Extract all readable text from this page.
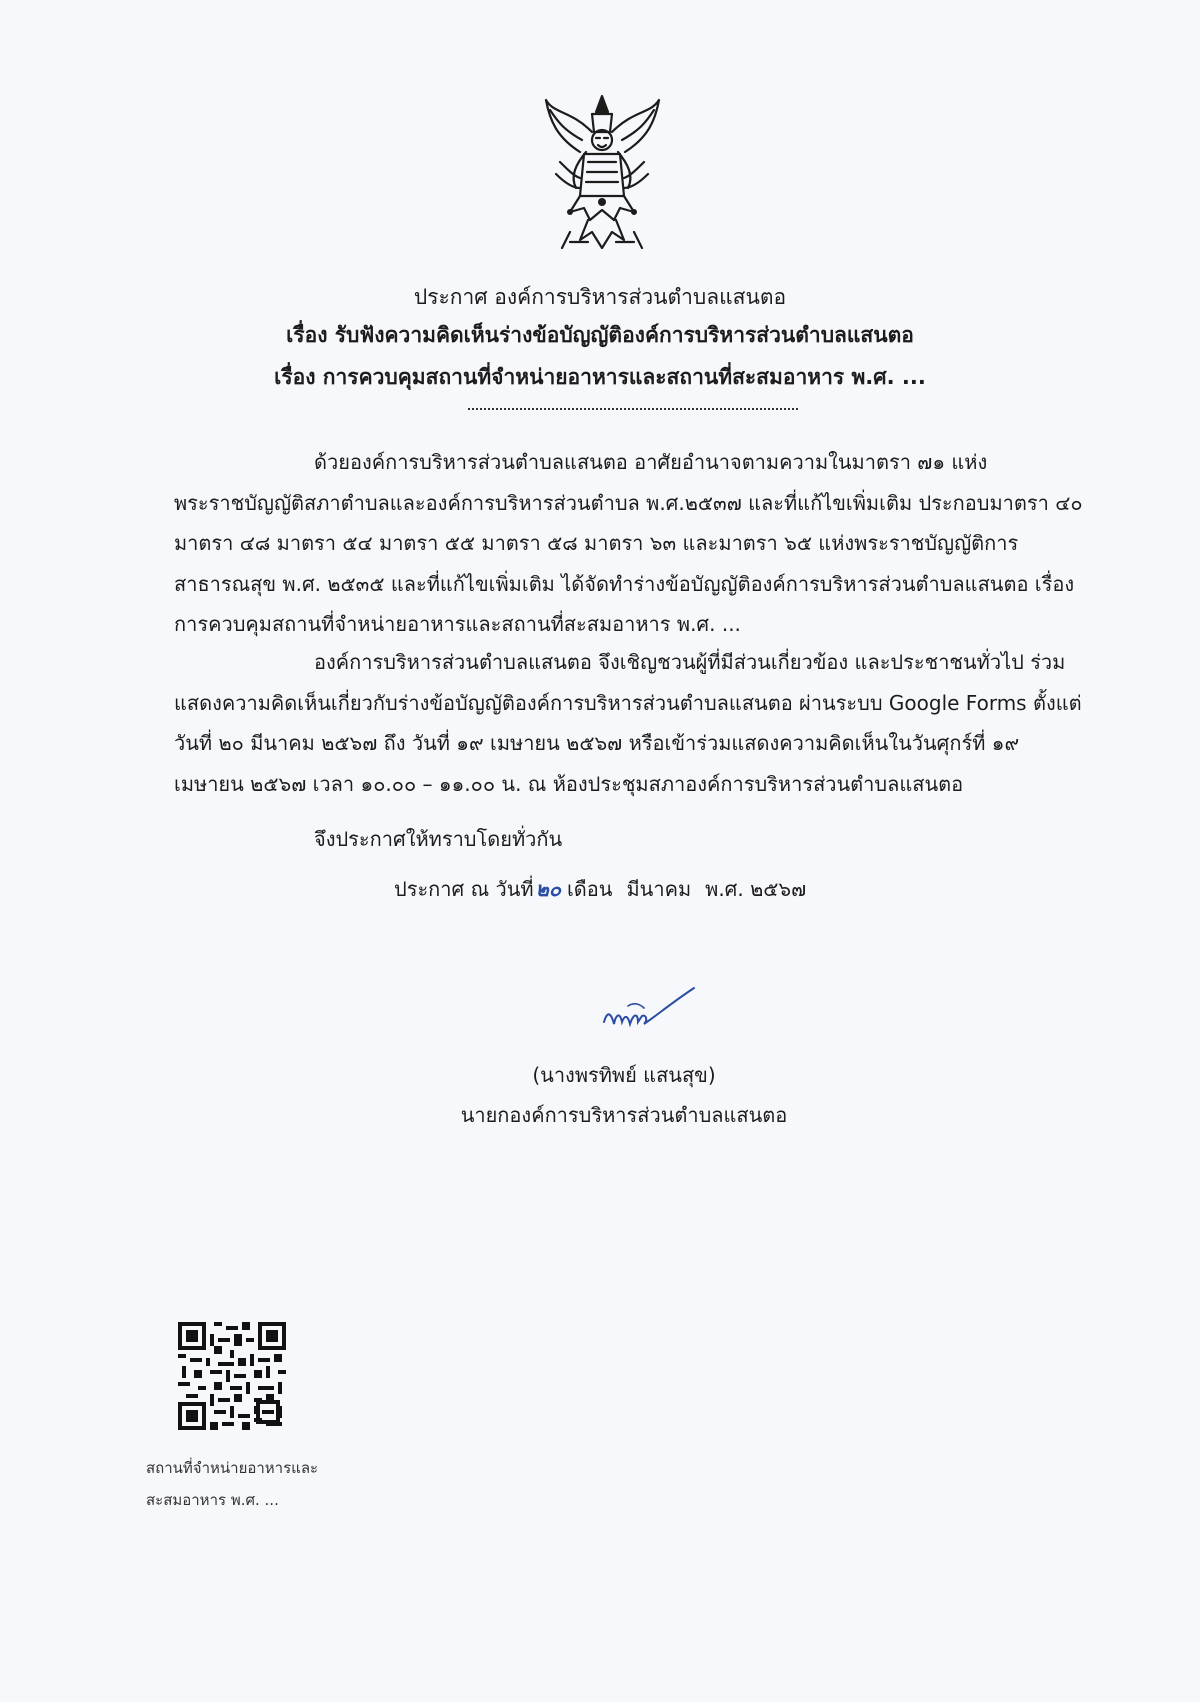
ประกาศ องค์การบริหารส่วนตำบลแสนตอ
เรื่อง รับฟังความคิดเห็นร่างข้อบัญญัติองค์การบริหารส่วนตำบลแสนตอ
เรื่อง การควบคุมสถานที่จำหน่ายอาหารและสถานที่สะสมอาหาร พ.ศ. ...
ด้วยองค์การบริหารส่วนตำบลแสนตอ อาศัยอำนาจตามความในมาตรา ๗๑ แห่ง
พระราชบัญญัติสภาตำบลและองค์การบริหารส่วนตำบล พ.ศ.๒๕๓๗ และที่แก้ไขเพิ่มเติม ประกอบมาตรา ๔๐
มาตรา ๔๘ มาตรา ๕๔ มาตรา ๕๕ มาตรา ๕๘ มาตรา ๖๓ และมาตรา ๖๕ แห่งพระราชบัญญัติการ
สาธารณสุข พ.ศ. ๒๕๓๕ และที่แก้ไขเพิ่มเติม ได้จัดทำร่างข้อบัญญัติองค์การบริหารส่วนตำบลแสนตอ เรื่อง
การควบคุมสถานที่จำหน่ายอาหารและสถานที่สะสมอาหาร พ.ศ. ...
องค์การบริหารส่วนตำบลแสนตอ จึงเชิญชวนผู้ที่มีส่วนเกี่ยวข้อง และประชาชนทั่วไป ร่วม
แสดงความคิดเห็นเกี่ยวกับร่างข้อบัญญัติองค์การบริหารส่วนตำบลแสนตอ ผ่านระบบ Google Forms ตั้งแต่
วันที่ ๒๐ มีนาคม ๒๕๖๗ ถึง วันที่ ๑๙ เมษายน ๒๕๖๗ หรือเข้าร่วมแสดงความคิดเห็นในวันศุกร์ที่ ๑๙
เมษายน ๒๕๖๗ เวลา ๑๐.๐๐ – ๑๑.๐๐ น. ณ ห้องประชุมสภาองค์การบริหารส่วนตำบลแสนตอ
จึงประกาศให้ทราบโดยทั่วกัน
ประกาศ ณ วันที่ ๒๐ เดือน มีนาคม พ.ศ. ๒๕๖๗
(นางพรทิพย์ แสนสุข)
นายกองค์การบริหารส่วนตำบลแสนตอ
สถานที่จำหน่ายอาหารและ
สะสมอาหาร พ.ศ. ...
